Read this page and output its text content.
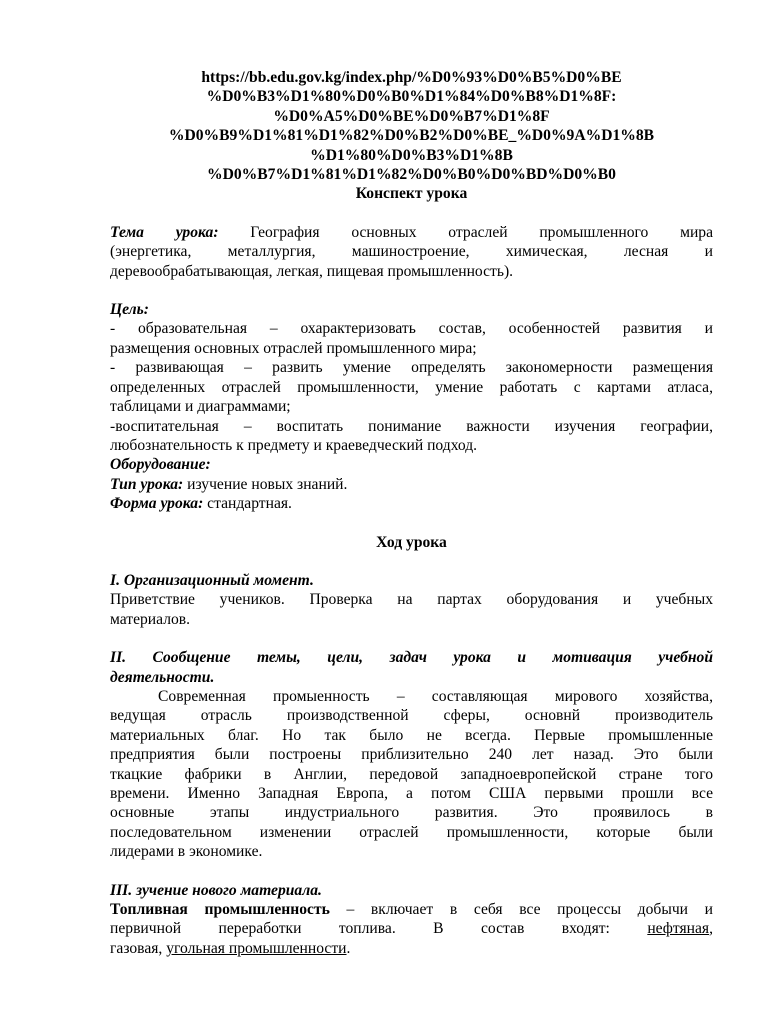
https://bb.edu.gov.kg/index.php/%D0%93%D0%B5%D0%BE
%D0%B3%D1%80%D0%B0%D1%84%D0%B8%D1%8F:
%D0%A5%D0%BE%D0%B7%D1%8F
%D0%B9%D1%81%D1%82%D0%B2%D0%BE_%D0%9A%D1%8B
%D1%80%D0%B3%D1%8B
%D0%B7%D1%81%D1%82%D0%B0%D0%BD%D0%B0
Конспект урока

Тема урока: География основных отраслей промышленного мира

(энергетика, металлургия, машиностроение, химическая, лесная и

деревообрабатывающая, легкая, пищевая промышленность).

Цель:

- образовательная – охарактеризовать состав, особенностей развития и

размещения основных отраслей промышленного мира;

- развивающая – развить умение определять закономерности размещения

определенных отраслей промышленности, умение работать с картами атласа,

таблицами и диаграммами;

-воспитательная – воспитать понимание важности изучения географии,

любознательность к предмету и краеведческий подход.

Оборудование:

Тип урока: изучение новых знаний.

Форма урока: стандартная.

Ход урока

I. Организационный момент.

Приветствие учеников. Проверка на партах оборудования и учебных

материалов.

II. Сообщение темы, цели, задач урока и мотивация учебной

деятельности.

Современная промыенность – составляющая мирового хозяйства,

ведущая отрасль производственной сферы, основнй производитель

материальных благ. Но так было не всегда. Первые промышленные

предприятия были построены приблизительно 240 лет назад. Это были

ткацкие фабрики в Англии, передовой западноевропейской стране того

времени. Именно Западная Европа, а потом США первыми прошли все

основные этапы индустриального развития. Это проявилось в

последовательном изменении отраслей промышленности, которые были

лидерами в экономике.

III. зучение нового материала.

Топливная промышленность – включает в себя все процессы добычи и

первичной переработки топлива. В состав входят: нефтяная,

газовая, угольная промышленности.
